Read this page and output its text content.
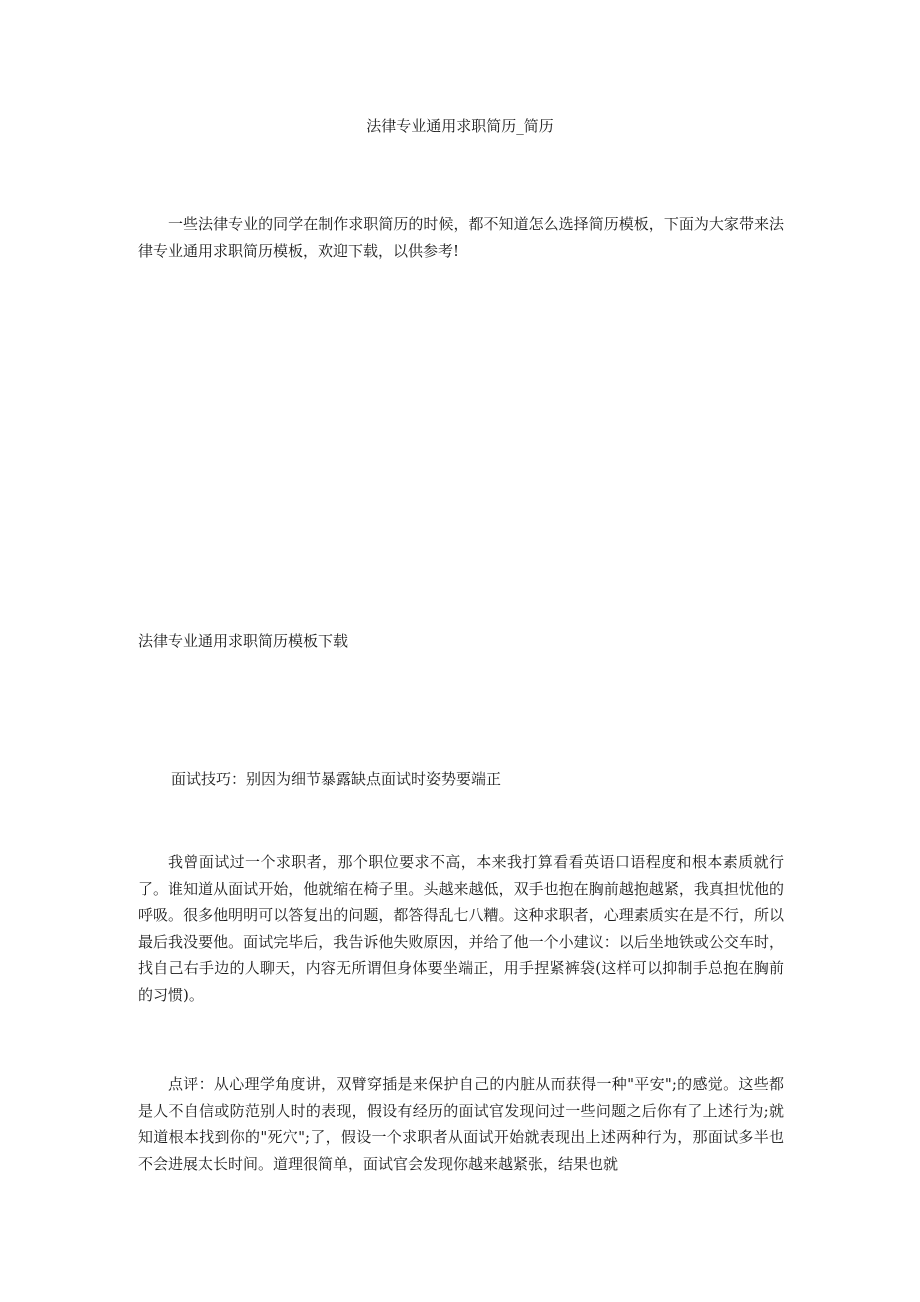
法律专业通用求职简历_简历

一些法律专业的同学在制作求职简历的时候，都不知道怎么选择简历模板，下面为大家带来法律专业通用求职简历模板，欢迎下载，以供参考!

法律专业通用求职简历模板下载

面试技巧：别因为细节暴露缺点面试时姿势要端正

我曾面试过一个求职者，那个职位要求不高，本来我打算看看英语口语程度和根本素质就行了。谁知道从面试开始，他就缩在椅子里。头越来越低，双手也抱在胸前越抱越紧，我真担忧他的呼吸。很多他明明可以答复出的问题，都答得乱七八糟。这种求职者，心理素质实在是不行，所以最后我没要他。面试完毕后，我告诉他失败原因，并给了他一个小建议：以后坐地铁或公交车时，找自己右手边的人聊天，内容无所谓但身体要坐端正，用手捏紧裤袋(这样可以抑制手总抱在胸前的习惯)。

点评：从心理学角度讲，双臂穿插是来保护自己的内脏从而获得一种"平安";的感觉。这些都是人不自信或防范别人时的表现，假设有经历的面试官发现问过一些问题之后你有了上述行为;就知道根本找到你的"死穴";了，假设一个求职者从面试开始就表现出上述两种行为，那面试多半也不会进展太长时间。道理很简单，面试官会发现你越来越紧张，结果也就
